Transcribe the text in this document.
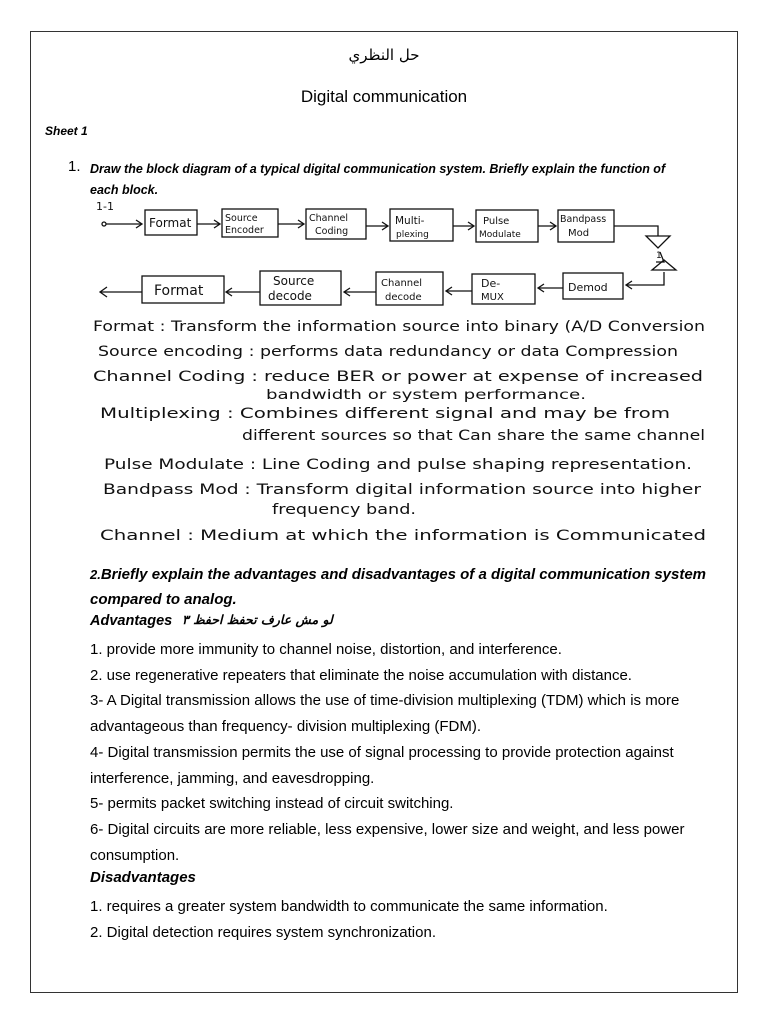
حل النظري
Digital communication
Sheet 1
1. Draw the block diagram of a typical digital communication system. Briefly explain the function of each block.
1-1
Format	Source
Encoder
Channel
Coding
Multi-
plexing
Pulse
Modulate
Bandpass
Mod
1
Demod
De-
MUX
Channel
decode
Source
decode
Format
Format : Transform the information source into binary (A/D Conversion
Source encoding : performs data redundancy or data Compression
Channel Coding : reduce BER or power at expense of increased
bandwidth or system performance.
Multiplexing : Combines different signal and may be from
different sources so that Can share the same channel
Pulse Modulate : Line Coding and pulse shaping representation.
Bandpass Mod : Transform digital information source into higher
frequency band.
Channel : Medium at which the information is Communicated
2.Briefly explain the advantages and disadvantages of a digital communication system compared to analog.
Advantages لو مش عارف تحفظ احفظ ٣

1. provide more immunity to channel noise, distortion, and interference.

2. use regenerative repeaters that eliminate the noise accumulation with distance.

3- A Digital transmission allows the use of time-division multiplexing (TDM) which is more advantageous than frequency- division multiplexing (FDM).

4- Digital transmission permits the use of signal processing to provide protection against interference, jamming, and eavesdropping.

5- permits packet switching instead of circuit switching.

6- Digital circuits are more reliable, less expensive, lower size and weight, and less power consumption.

Disadvantages

1. requires a greater system bandwidth to communicate the same information.

2. Digital detection requires system synchronization.
